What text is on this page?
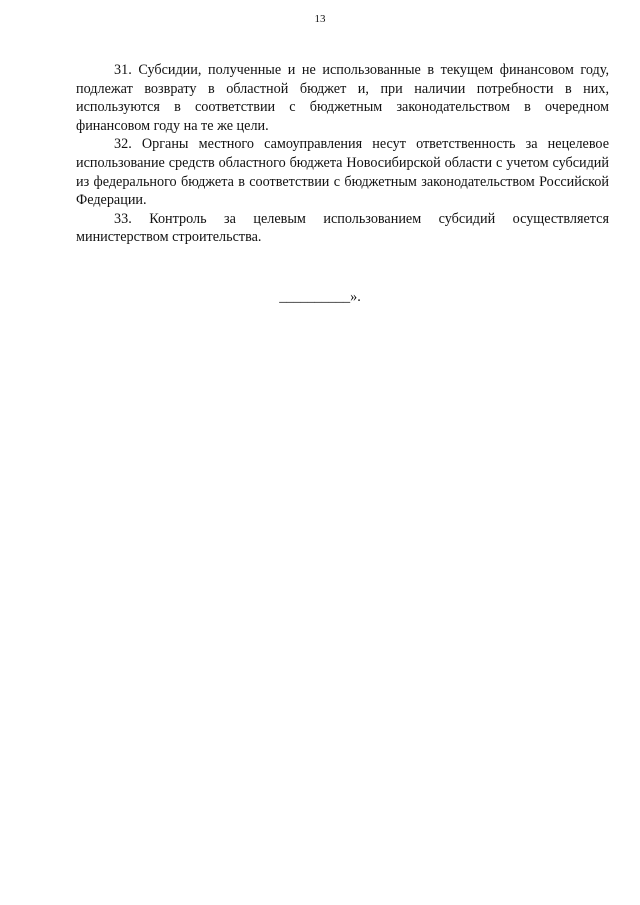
13

31. Субсидии, полученные и не использованные в текущем финансовом году, подлежат возврату в областной бюджет и, при наличии потребности в них, используются в соответствии с бюджетным законодательством в очередном финансовом году на те же цели.

32. Органы местного самоуправления несут ответственность за нецелевое использование средств областного бюджета Новосибирской области с учетом субсидий из федерального бюджета в соответствии с бюджетным законодательством Российской Федерации.

33. Контроль за целевым использованием субсидий осуществляется министерством строительства.

__________».
